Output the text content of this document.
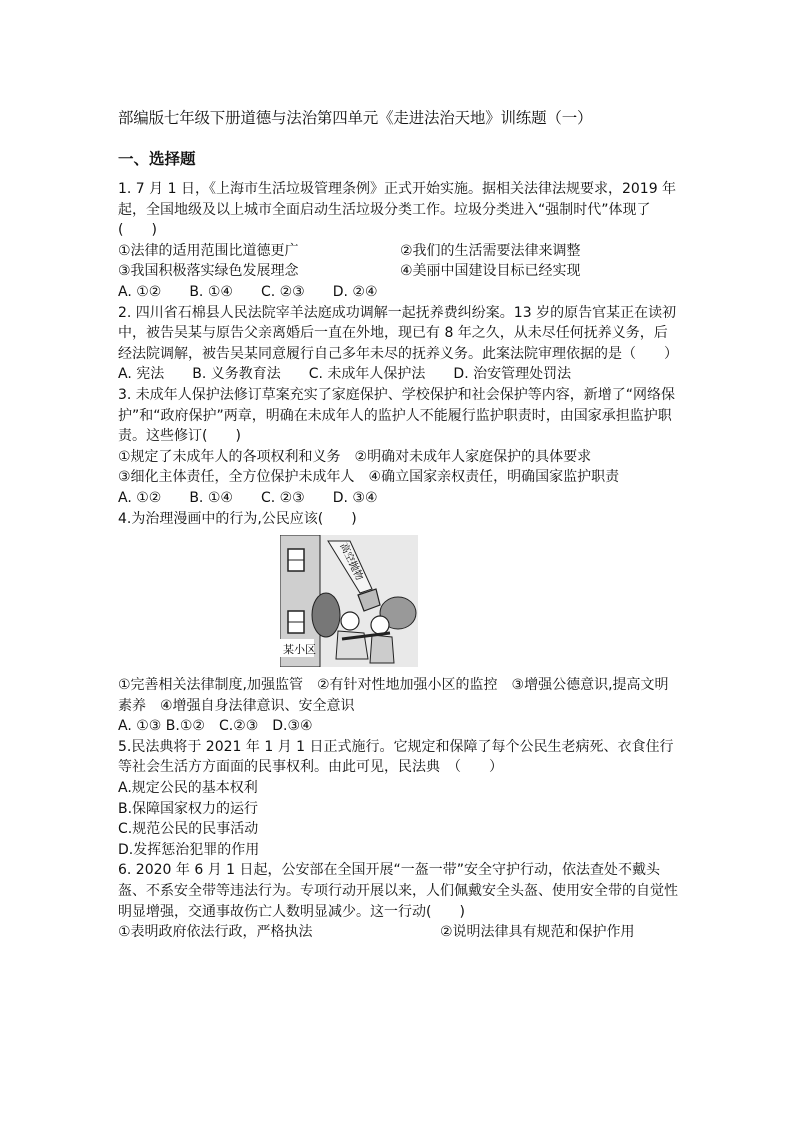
部编版七年级下册道德与法治第四单元《走进法治天地》训练题（一）
一、选择题
1. 7 月 1 日，《上海市生活垃圾管理条例》正式开始实施。据相关法律法规要求，2019 年起，全国地级及以上城市全面启动生活垃圾分类工作。垃圾分类进入“强制时代”体现了(　　)
①法律的适用范围比道德更广	②我们的生活需要法律来调整
③我国积极落实绿色发展理念	④美丽中国建设目标已经实现
A. ①②　　B. ①④　　C. ②③　　D. ②④
2. 四川省石棉县人民法院宰羊法庭成功调解一起抚养费纠纷案。13 岁的原告官某正在读初中，被告吴某与原告父亲离婚后一直在外地，现已有 8 年之久，从未尽任何抚养义务，后经法院调解，被告吴某同意履行自己多年未尽的抚养义务。此案法院审理依据的是（　　）
A. 宪法　　B. 义务教育法　　C. 未成年人保护法　　D. 治安管理处罚法
3. 未成年人保护法修订草案充实了家庭保护、学校保护和社会保护等内容，新增了“网络保护”和“政府保护”两章，明确在未成年人的监护人不能履行监护职责时，由国家承担监护职责。这些修订(　　)
①规定了未成年人的各项权利和义务　②明确对未成年人家庭保护的具体要求
③细化主体责任，全方位保护未成年人　④确立国家亲权责任，明确国家监护职责
A. ①②　　B. ①④　　C. ②③　　D. ③④
4.为治理漫画中的行为,公民应该(　　)
某小区
高空抛物
①完善相关法律制度,加强监管　②有针对性地加强小区的监控　③增强公德意识,提高文明素养　④增强自身法律意识、安全意识
A. ①③ B.①②　C.②③　D.③④
5.民法典将于 2021 年 1 月 1 日正式施行。它规定和保障了每个公民生老病死、衣食住行等社会生活方方面面的民事权利。由此可见，民法典　（　　）
A.规定公民的基本权利
B.保障国家权力的运行
C.规范公民的民事活动
D.发挥惩治犯罪的作用
6. 2020 年 6 月 1 日起，公安部在全国开展“一盔一带”安全守护行动，依法查处不戴头盔、不系安全带等违法行为。专项行动开展以来，人们佩戴安全头盔、使用安全带的自觉性明显增强，交通事故伤亡人数明显减少。这一行动(　　)
①表明政府依法行政，严格执法	②说明法律具有规范和保护作用
